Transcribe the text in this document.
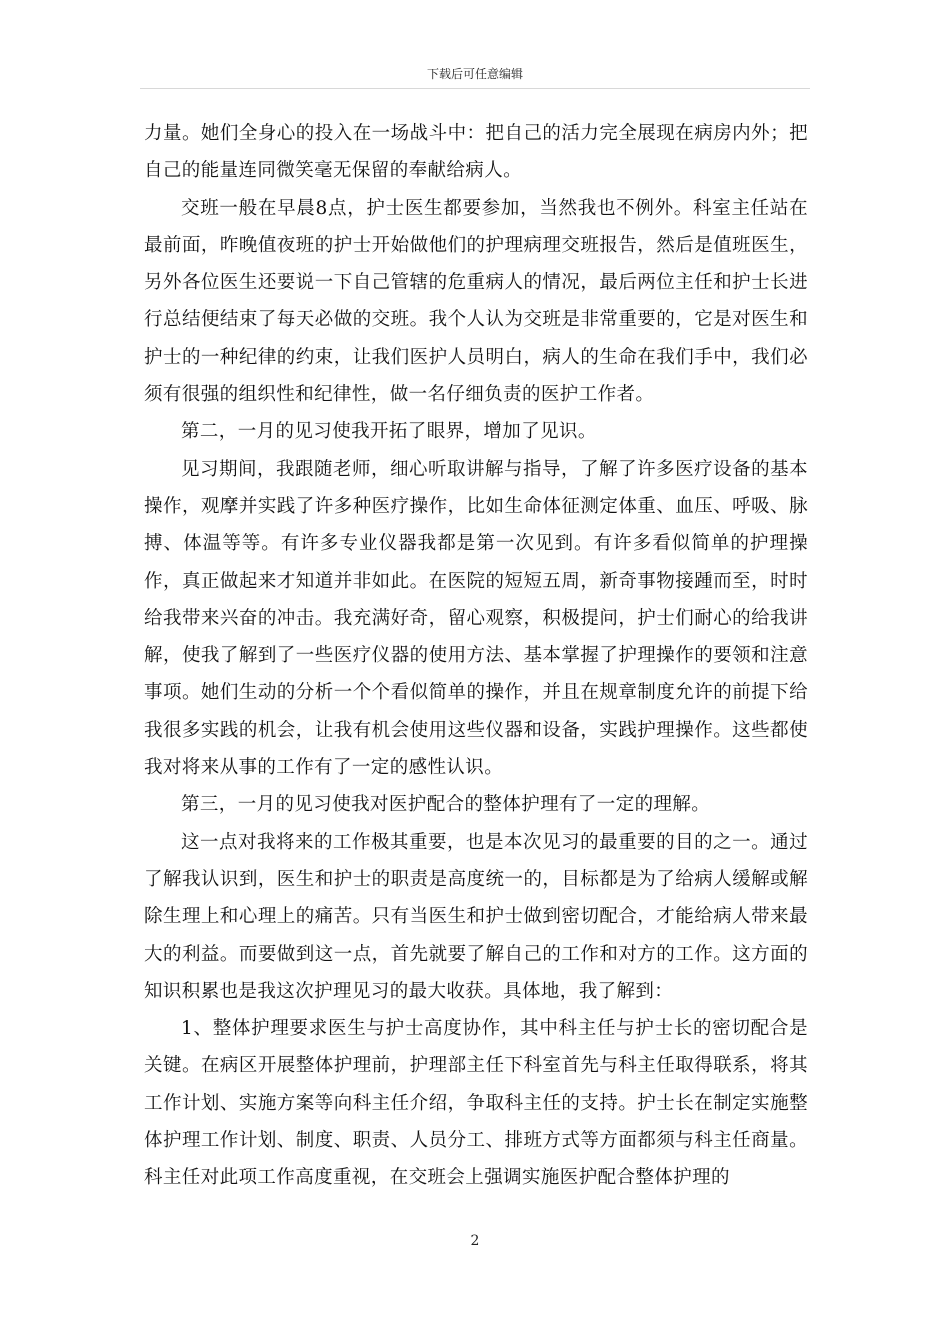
下载后可任意编辑

力量。她们全身心的投入在一场战斗中：把自己的活力完全展现在病房内外；把自己的能量连同微笑毫无保留的奉献给病人。

交班一般在早晨8点，护士医生都要参加，当然我也不例外。科室主任站在最前面，昨晚值夜班的护士开始做他们的护理病理交班报告，然后是值班医生，另外各位医生还要说一下自己管辖的危重病人的情况，最后两位主任和护士长进行总结便结束了每天必做的交班。我个人认为交班是非常重要的，它是对医生和护士的一种纪律的约束，让我们医护人员明白，病人的生命在我们手中，我们必须有很强的组织性和纪律性，做一名仔细负责的医护工作者。

第二，一月的见习使我开拓了眼界，增加了见识。

见习期间，我跟随老师，细心听取讲解与指导，了解了许多医疗设备的基本操作，观摩并实践了许多种医疗操作，比如生命体征测定体重、血压、呼吸、脉搏、体温等等。有许多专业仪器我都是第一次见到。有许多看似简单的护理操作，真正做起来才知道并非如此。在医院的短短五周，新奇事物接踵而至，时时给我带来兴奋的冲击。我充满好奇，留心观察，积极提问，护士们耐心的给我讲解，使我了解到了一些医疗仪器的使用方法、基本掌握了护理操作的要领和注意事项。她们生动的分析一个个看似简单的操作，并且在规章制度允许的前提下给我很多实践的机会，让我有机会使用这些仪器和设备，实践护理操作。这些都使我对将来从事的工作有了一定的感性认识。

第三，一月的见习使我对医护配合的整体护理有了一定的理解。

这一点对我将来的工作极其重要，也是本次见习的最重要的目的之一。通过了解我认识到，医生和护士的职责是高度统一的，目标都是为了给病人缓解或解除生理上和心理上的痛苦。只有当医生和护士做到密切配合，才能给病人带来最大的利益。而要做到这一点，首先就要了解自己的工作和对方的工作。这方面的知识积累也是我这次护理见习的最大收获。具体地，我了解到：

1、整体护理要求医生与护士高度协作，其中科主任与护士长的密切配合是关键。在病区开展整体护理前，护理部主任下科室首先与科主任取得联系，将其工作计划、实施方案等向科主任介绍，争取科主任的支持。护士长在制定实施整体护理工作计划、制度、职责、人员分工、排班方式等方面都须与科主任商量。科主任对此项工作高度重视，在交班会上强调实施医护配合整体护理的

2
